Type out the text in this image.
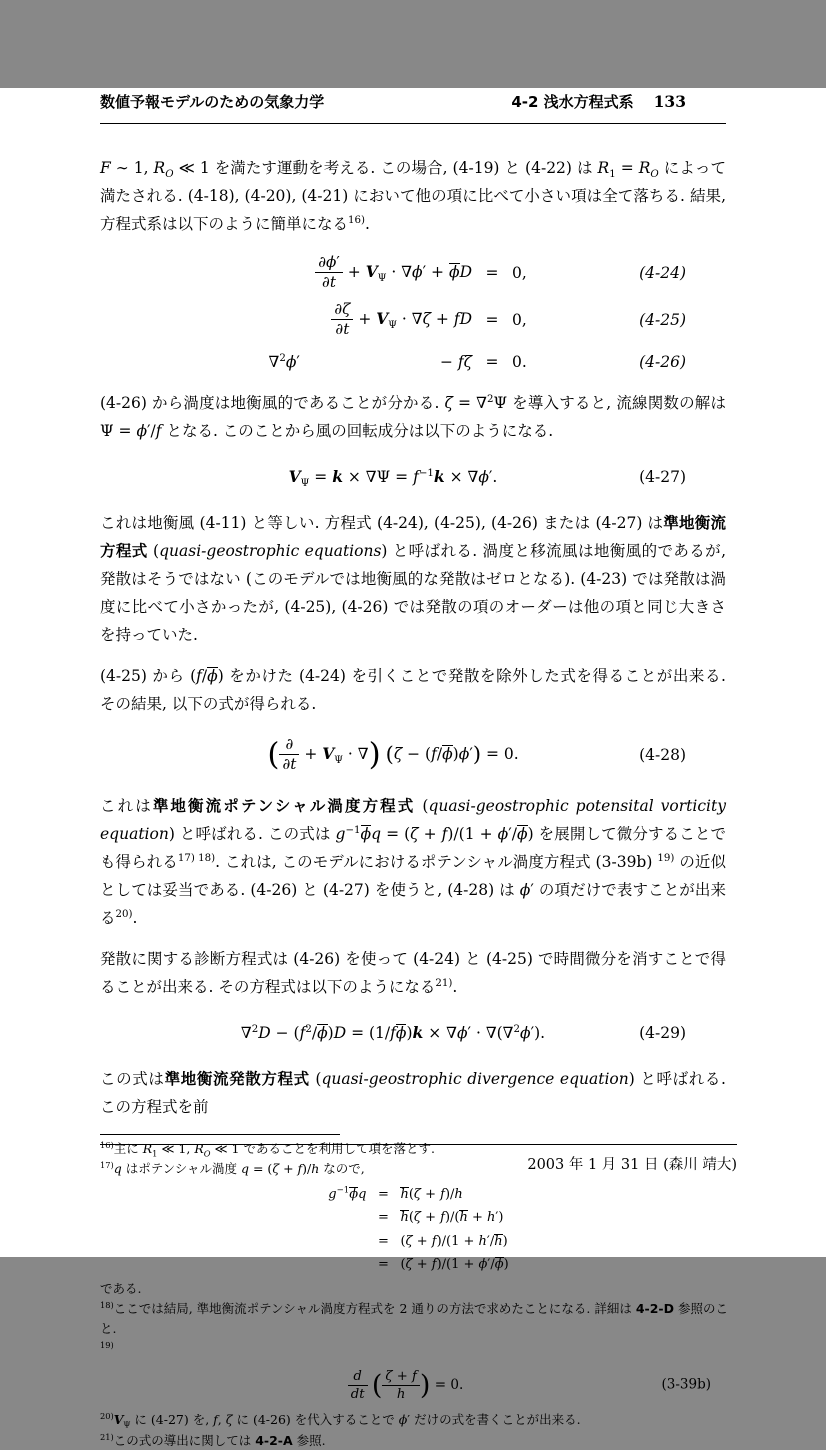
数値予報モデルのための気象力学	4-2 浅水方程式系 133

F ∼ 1, $R_O$ ≪ 1 を満たす運動を考える. この場合, (4-19) と (4-22) は $R_1 = R_O$ によって満たされる. (4-18), (4-20), (4-21) において他の項に比べて小さい項は全て落ちる. 結果, 方程式系は以下のように簡単になる$^{16)}$.

$\frac{\partial\phi'}{\partial t} + V_\Psi \cdot \nabla\phi' + \phi D = 0$,	(4-24)
$\frac{\partial\zeta}{\partial t} + V_\Psi \cdot \nabla\zeta$ + fD = 0,	(4-25)
∇$^2$ϕ′	− fζ = 0.	(4-26)

(4-26) から渦度は地衡風的であることが分かる. ζ = ∇$^2$Ψ を導入すると, 流線関数の解は Ψ = ϕ′/f となる. このことから風の回転成分は以下のようになる.

$V_\Psi = k \times \nabla\Psi = f^{-1}k \times \nabla\phi'$.	(4-27)

これは地衡風 (4-11) と等しい. 方程式 (4-24), (4-25), (4-26) または (4-27) は準地衡流方程式 (quasi-geostrophic equations) と呼ばれる. 渦度と移流風は地衡風的であるが, 発散はそうではない (このモデルでは地衡風的な発散はゼロとなる). (4-23) では発散は渦度に比べて小さかったが, (4-25), (4-26) では発散の項のオーダーは他の項と同じ大きさを持っていた.

(4-25) から (f/ϕ) をかけた (4-24) を引くことで発散を除外した式を得ることが出来る. その結果, 以下の式が得られる.

( $\frac{\partial}{\partial t} + V_\Psi$ · ∇) (ζ − (f/ϕ)ϕ′) = 0.	(4-28)

これは準地衡流ポテンシャル渦度方程式 (quasi-geostrophic potensital vorticity equation) と呼ばれる. この式は $g^{-1}\phi q = (\zeta + f)/(1 + \phi'/\phi)$ を展開して微分することでも得られる$^{17) 18)}$. これは, このモデルにおけるポテンシャル渦度方程式 (3-39b) $^{19)}$ の近似としては妥当である. (4-26) と (4-27) を使うと, (4-28) は ϕ′ の項だけで表すことが出来る$^{20)}$.

発散に関する診断方程式は (4-26) を使って (4-24) と (4-25) で時間微分を消すことで得ることが出来る. その方程式は以下のようになる$^{21)}$.

$\nabla^2D - (f^2/\phi)D = (1/f\phi)k \times \nabla\phi' \cdot \nabla(\nabla^2\phi')$.	(4-29)

この式は準地衡流発散方程式 (quasi-geostrophic divergence equation) と呼ばれる. この方程式を前

$^{16)}$主に $R_1$ ≪ 1, $R_O$ ≪ 1 であることを利用して項を落とす.
$^{17)}$q はポテンシャル渦度 q = (ζ + f)/h なので,
$g^{-1}\phi q = h(\zeta + f)/h$
= h(ζ + f)/(h + h′)
= (ζ + f)/(1 + h′/h)
= (ζ + f)/(1 + ϕ′/ϕ)
である.
$^{18)}$ここでは結局, 準地衡流ポテンシャル渦度方程式を 2 通りの方法で求めたことになる. 詳細は 4-2-D 参照のこと.
$^{19)}$
$\frac{d}{dt}$ ( $\frac{\zeta + f}{h}$ ) = 0.	(3-39b)
$^{20)}V_\Psi$ に (4-27) を, f, ζ に (4-26) を代入することで ϕ′ だけの式を書くことが出来る.
$^{21)}$この式の導出に関しては 4-2-A 参照.
2003 年 1 月 31 日 (森川 靖大)
